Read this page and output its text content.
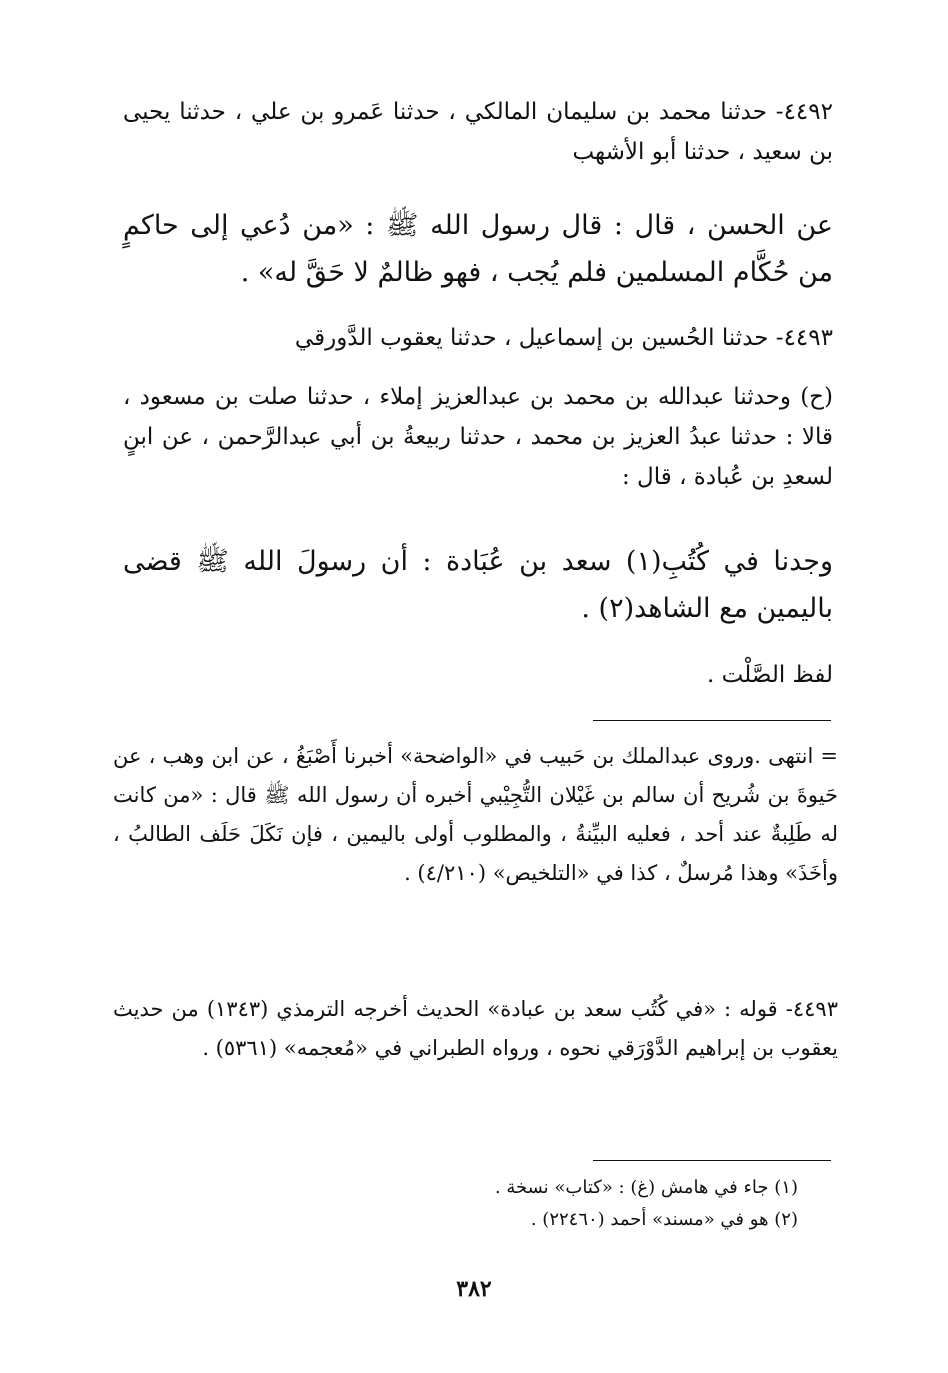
٤٤٩٢- حدثنا محمد بن سليمان المالكي ، حدثنا عَمرو بن علي ، حدثنا يحيى بن سعيد ، حدثنا أبو الأشهب
عن الحسن ، قال : قال رسول الله ﷺ : «من دُعي إلى حاكمٍ من حُكَّام المسلمين فلم يُجب ، فهو ظالمٌ لا حَقَّ له» .
٤٤٩٣- حدثنا الحُسين بن إسماعيل ، حدثنا يعقوب الدَّورقي
(ح) وحدثنا عبدالله بن محمد بن عبدالعزيز إملاء ، حدثنا صلت بن مسعود ، قالا : حدثنا عبدُ العزيز بن محمد ، حدثنا ربيعةُ بن أبي عبدالرَّحمن ، عن ابنٍ لسعدِ بن عُبادة ، قال :
وجدنا في كُتُبِ(١) سعد بن عُبَادة : أن رسولَ الله ﷺ قضى باليمين مع الشاهد(٢) .
لفظ الصَّلْت .
= انتهى .وروى عبدالملك بن حَبيب في «الواضحة» أخبرنا أَصْبَغُ ، عن ابن وهب ، عن حَيوةَ بن شُريح أن سالم بن غَيْلان التُّجِيْبي أخبره أن رسول الله ﷺ قال : «من كانت له طَلِبةٌ عند أحد ، فعليه البيِّنةُ ، والمطلوب أولى باليمين ، فإن نَكَلَ حَلَف الطالبُ ، وأخَذَ» وهذا مُرسلٌ ، كذا في «التلخيص» (٤/٢١٠) .
٤٤٩٣- قوله : «في كُتُب سعد بن عبادة» الحديث أخرجه الترمذي (١٣٤٣) من حديث يعقوب بن إبراهيم الدَّوْرَقي نحوه ، ورواه الطبراني في «مُعجمه» (٥٣٦١) .

(١) جاء في هامش (غ) : «كتاب» نسخة .

(٢) هو في «مسند» أحمد (٢٢٤٦٠) .

٣٨٢
